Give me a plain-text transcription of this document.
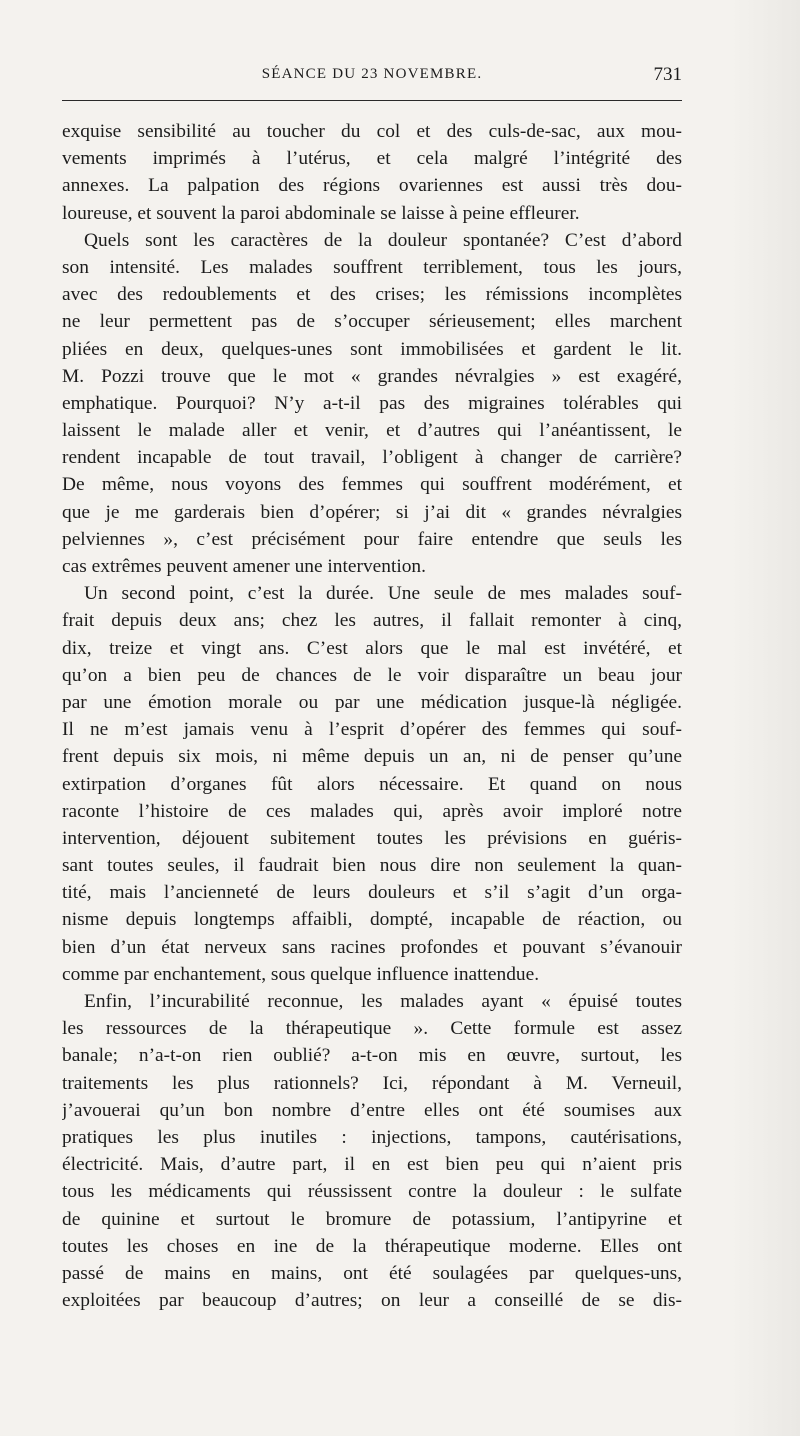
SÉANCE DU 23 NOVEMBRE.	731
exquise sensibilité au toucher du col et des culs-de-sac, aux mou-
vements imprimés à l’utérus, et cela malgré l’intégrité des
annexes. La palpation des régions ovariennes est aussi très dou-
loureuse, et souvent la paroi abdominale se laisse à peine effleurer.
Quels sont les caractères de la douleur spontanée? C’est d’abord
son intensité. Les malades souffrent terriblement, tous les jours,
avec des redoublements et des crises; les rémissions incomplètes
ne leur permettent pas de s’occuper sérieusement; elles marchent
pliées en deux, quelques-unes sont immobilisées et gardent le lit.
M. Pozzi trouve que le mot « grandes névralgies » est exagéré,
emphatique. Pourquoi? N’y a-t-il pas des migraines tolérables qui
laissent le malade aller et venir, et d’autres qui l’anéantissent, le
rendent incapable de tout travail, l’obligent à changer de carrière?
De même, nous voyons des femmes qui souffrent modérément, et
que je me garderais bien d’opérer; si j’ai dit « grandes névralgies
pelviennes », c’est précisément pour faire entendre que seuls les
cas extrêmes peuvent amener une intervention.
Un second point, c’est la durée. Une seule de mes malades souf-
frait depuis deux ans; chez les autres, il fallait remonter à cinq,
dix, treize et vingt ans. C’est alors que le mal est invétéré, et
qu’on a bien peu de chances de le voir disparaître un beau jour
par une émotion morale ou par une médication jusque-là négligée.
Il ne m’est jamais venu à l’esprit d’opérer des femmes qui souf-
frent depuis six mois, ni même depuis un an, ni de penser qu’une
extirpation d’organes fût alors nécessaire. Et quand on nous
raconte l’histoire de ces malades qui, après avoir imploré notre
intervention, déjouent subitement toutes les prévisions en guéris-
sant toutes seules, il faudrait bien nous dire non seulement la quan-
tité, mais l’ancienneté de leurs douleurs et s’il s’agit d’un orga-
nisme depuis longtemps affaibli, dompté, incapable de réaction, ou
bien d’un état nerveux sans racines profondes et pouvant s’évanouir
comme par enchantement, sous quelque influence inattendue.
Enfin, l’incurabilité reconnue, les malades ayant « épuisé toutes
les ressources de la thérapeutique ». Cette formule est assez
banale; n’a-t-on rien oublié? a-t-on mis en œuvre, surtout, les
traitements les plus rationnels? Ici, répondant à M. Verneuil,
j’avouerai qu’un bon nombre d’entre elles ont été soumises aux
pratiques les plus inutiles : injections, tampons, cautérisations,
électricité. Mais, d’autre part, il en est bien peu qui n’aient pris
tous les médicaments qui réussissent contre la douleur : le sulfate
de quinine et surtout le bromure de potassium, l’antipyrine et
toutes les choses en ine de la thérapeutique moderne. Elles ont
passé de mains en mains, ont été soulagées par quelques-uns,
exploitées par beaucoup d’autres; on leur a conseillé de se dis-
